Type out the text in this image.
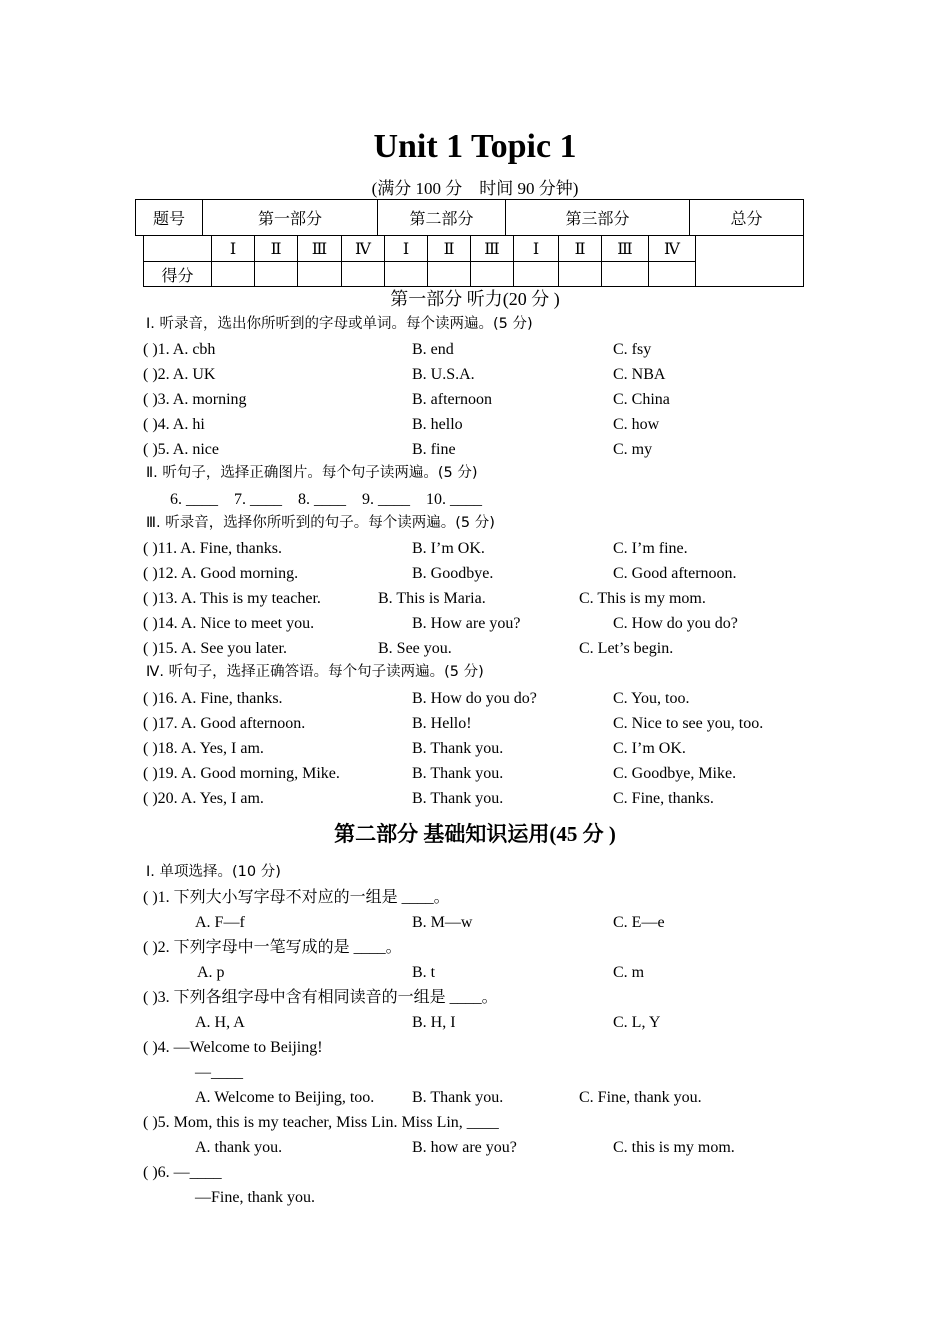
Unit 1 Topic 1
(满分 100 分　时间 90 分钟)
题号	第一部分	第二部分	第三部分	总分
	Ⅰ	Ⅱ	Ⅲ	Ⅳ	Ⅰ	Ⅱ	Ⅲ	Ⅰ	Ⅱ	Ⅲ	Ⅳ	
得分												
第一部分 听力(20 分 )
Ⅰ. 听录音，选出你所听到的字母或单词。每个读两遍。(5 分)
( )1. A. cbh	B. end	C. fsy
( )2. A. UK	B. U.S.A.	C. NBA
( )3. A. morning	B. afternoon	C. China
( )4. A. hi	B. hello	C. how
( )5. A. nice	B. fine	C. my
Ⅱ. 听句子，选择正确图片。每个句子读两遍。(5 分)
6. ____    7. ____    8. ____    9. ____    10. ____
Ⅲ. 听录音，选择你所听到的句子。每个读两遍。(5 分)
( )11. A. Fine, thanks.	B. I’m OK.	C. I’m fine.
( )12. A. Good morning.	B. Goodbye.	C. Good afternoon.
( )13. A. This is my teacher.	B. This is Maria.	C. This is my mom.
( )14. A. Nice to meet you.	B. How are you?	C. How do you do?
( )15. A. See you later.	B. See you.	C. Let’s begin.
Ⅳ. 听句子，选择正确答语。每个句子读两遍。(5 分)
( )16. A. Fine, thanks.	B. How do you do?	C. You, too.
( )17. A. Good afternoon.	B. Hello!	C. Nice to see you, too.
( )18. A. Yes, I am.	B. Thank you.	C. I’m OK.
( )19. A. Good morning, Mike.	B. Thank you.	C. Goodbye, Mike.
( )20. A. Yes, I am.	B. Thank you.	C. Fine, thanks.
第二部分 基础知识运用(45 分 )
Ⅰ. 单项选择。(10 分)
( )1. 下列大小写字母不对应的一组是 ____。
A. F—f	B. M—w	C. E—e
( )2. 下列字母中一笔写成的是 ____。
A. p	B. t	C. m
( )3. 下列各组字母中含有相同读音的一组是 ____。
A. H, A	B. H, I	C. L, Y
( )4. —Welcome to Beijing!
—____
A. Welcome to Beijing, too. B. Thank you.	C. Fine, thank you.
( )5. Mom, this is my teacher, Miss Lin. Miss Lin, ____
A. thank you.	B. how are you?	C. this is my mom.
( )6. —____
—Fine, thank you.
